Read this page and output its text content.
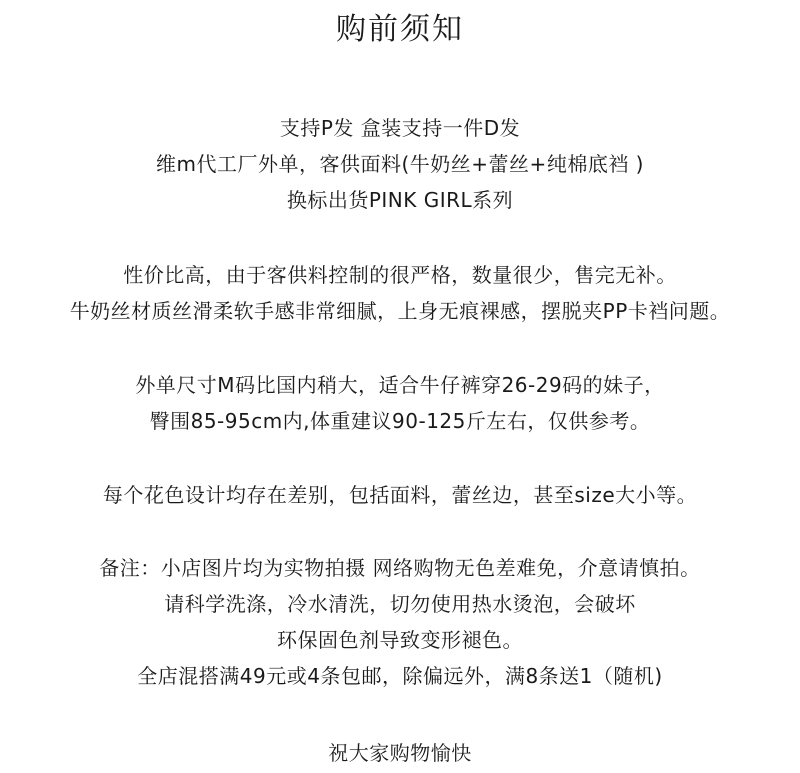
购前须知
支持P发 盒装支持一件D发
维m代工厂外单，客供面料(牛奶丝+蕾丝+纯棉底裆 )
换标出货PINK GIRL系列
性价比高，由于客供料控制的很严格，数量很少，售完无补。
牛奶丝材质丝滑柔软手感非常细腻，上身无痕裸感，摆脱夹PP卡裆问题。
外单尺寸M码比国内稍大，适合牛仔裤穿26-29码的妹子，
臀围85-95cm内,体重建议90-125斤左右，仅供参考。
每个花色设计均存在差别，包括面料，蕾丝边，甚至size大小等。
备注：小店图片均为实物拍摄 网络购物无色差难免，介意请慎拍。
请科学洗涤，冷水清洗，切勿使用热水烫泡，会破坏
环保固色剂导致变形褪色。
全店混搭满49元或4条包邮，除偏远外，满8条送1（随机)
祝大家购物愉快
